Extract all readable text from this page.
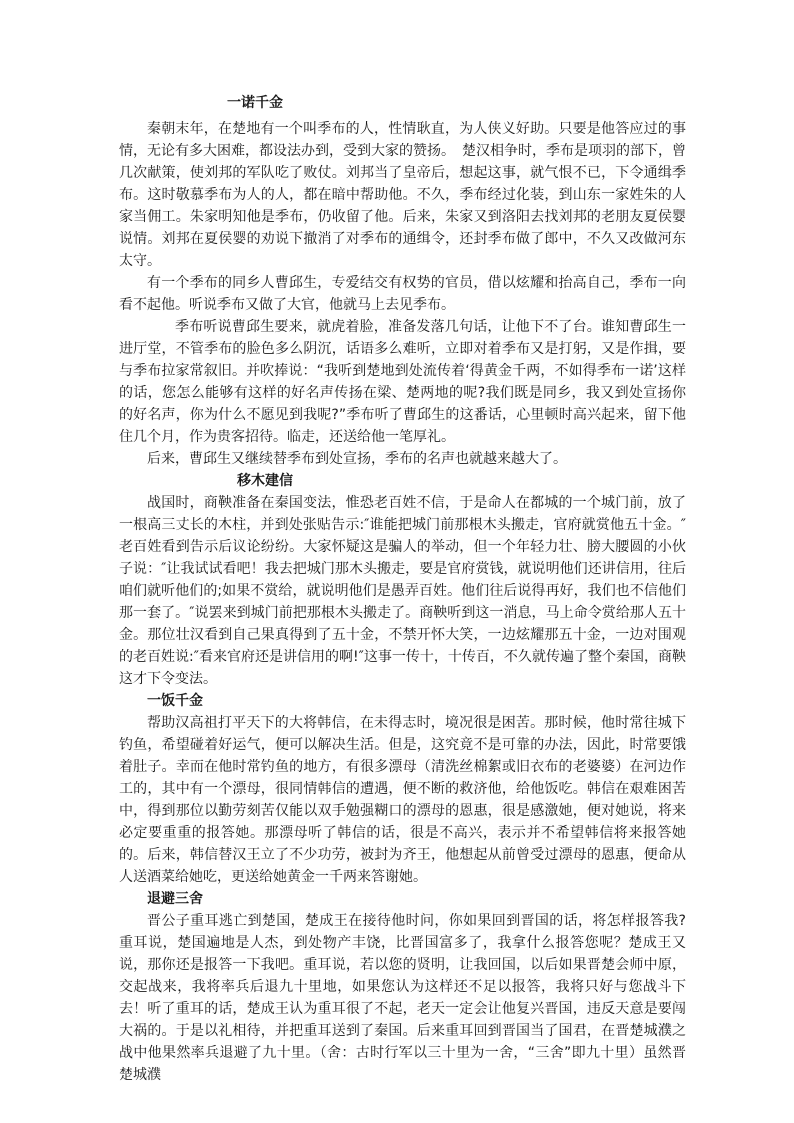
一诺千金

秦朝末年，在楚地有一个叫季布的人，性情耿直，为人侠义好助。只要是他答应过的事情，无论有多大困难，都设法办到，受到大家的赞扬。　楚汉相争时，季布是项羽的部下，曾几次献策，使刘邦的军队吃了败仗。刘邦当了皇帝后，想起这事，就气恨不已，下令通缉季布。这时敬慕季布为人的人，都在暗中帮助他。不久，季布经过化装，到山东一家姓朱的人家当佣工。朱家明知他是季布，仍收留了他。后来，朱家又到洛阳去找刘邦的老朋友夏侯婴说情。刘邦在夏侯婴的劝说下撤消了对季布的通缉令，还封季布做了郎中，不久又改做河东太守。

有一个季布的同乡人曹邱生，专爱结交有权势的官员，借以炫耀和抬高自己，季布一向看不起他。听说季布又做了大官，他就马上去见季布。

季布听说曹邱生要来，就虎着脸，准备发落几句话，让他下不了台。谁知曹邱生一进厅堂，不管季布的脸色多么阴沉，话语多么难听，立即对着季布又是打躬，又是作揖，要与季布拉家常叙旧。并吹捧说：“我听到楚地到处流传着‘得黄金千两，不如得季布一诺’这样的话，您怎么能够有这样的好名声传扬在梁、楚两地的呢?我们既是同乡，我又到处宣扬你的好名声，你为什么不愿见到我呢?”季布听了曹邱生的这番话，心里顿时高兴起来，留下他住几个月，作为贵客招待。临走，还送给他一笔厚礼。

后来，曹邱生又继续替季布到处宣扬，季布的名声也就越来越大了。

移木建信

战国时，商鞅准备在秦国变法，惟恐老百姓不信，于是命人在都城的一个城门前，放了一根高三丈长的木柱，并到处张贴告示:″谁能把城门前那根木头搬走，官府就赏他五十金。″老百姓看到告示后议论纷纷。大家怀疑这是骗人的举动，但一个年轻力壮、膀大腰圆的小伙子说：″让我试试看吧！我去把城门那木头搬走，要是官府赏钱，就说明他们还讲信用，往后咱们就听他们的;如果不赏给，就说明他们是愚弄百姓。他们往后说得再好，我们也不信他们那一套了。″说罢来到城门前把那根木头搬走了。商鞅听到这一消息，马上命令赏给那人五十金。那位壮汉看到自己果真得到了五十金，不禁开怀大笑，一边炫耀那五十金，一边对围观的老百姓说:″看来官府还是讲信用的啊!″这事一传十，十传百，不久就传遍了整个秦国，商鞅这才下令变法。

一饭千金

帮助汉高祖打平天下的大将韩信，在未得志时，境况很是困苦。那时候，他时常往城下钓鱼，希望碰着好运气，便可以解决生活。但是，这究竟不是可靠的办法，因此，时常要饿着肚子。幸而在他时常钓鱼的地方，有很多漂母（清洗丝棉絮或旧衣布的老婆婆）在河边作工的，其中有一个漂母，很同情韩信的遭遇，便不断的救济他，给他饭吃。韩信在艰难困苦中，得到那位以勤劳刻苦仅能以双手勉强糊口的漂母的恩惠，很是感激她，便对她说，将来必定要重重的报答她。那漂母听了韩信的话，很是不高兴，表示并不希望韩信将来报答她的。后来，韩信替汉王立了不少功劳，被封为齐王，他想起从前曾受过漂母的恩惠，便命从人送酒菜给她吃，更送给她黄金一千两来答谢她。

退避三舍

晋公子重耳逃亡到楚国，楚成王在接待他时问，你如果回到晋国的话，将怎样报答我?重耳说，楚国遍地是人杰，到处物产丰饶，比晋国富多了，我拿什么报答您呢？楚成王又说，那你还是报答一下我吧。重耳说，若以您的贤明，让我回国，以后如果晋楚会师中原，交起战来，我将率兵后退九十里地，如果您认为这样还不足以报答，我将只好与您战斗下去！听了重耳的话，楚成王认为重耳很了不起，老天一定会让他复兴晋国，违反天意是要闯大祸的。于是以礼相待，并把重耳送到了秦国。后来重耳回到晋国当了国君，在晋楚城濮之战中他果然率兵退避了九十里。（舍：古时行军以三十里为一舍，“三舍”即九十里）虽然晋楚城濮
